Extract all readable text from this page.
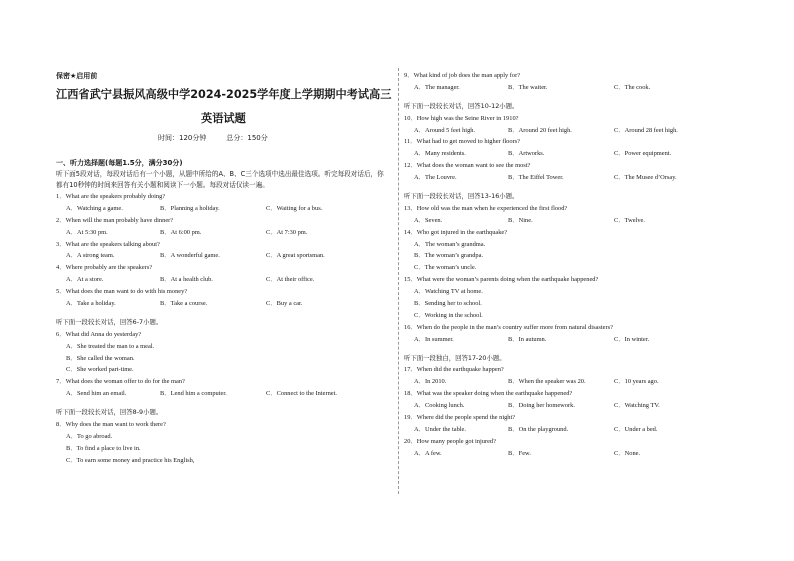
保密★启用前
江西省武宁县振风高级中学2024-2025学年度上学期期中考试高三
英语试题
时间：120分钟	总分：150分
一、听力选择题(每题1.5分，满分30分)
听下面5段对话，每段对话后有一个小题，从题中所给的A、B、C三个选项中选出最佳选项。听完每段对话后，你都有10秒钟的时间来回答有关小题和阅读下一小题。每段对话仅读一遍。
1．What are the speakers probably doing?
A．Watching a game.	B．Planning a holiday.	C．Waiting for a bus.
2．When will the man probably have dinner?
A．At 5:30 pm.	B．At 6:00 pm.	C．At 7:30 pm.
3．What are the speakers talking about?
A．A strong team.	B．A wonderful game.	C．A great sportsman.
4．Where probably are the speakers?
A．At a store.	B．At a health club.	C．At their office.
5．What does the man want to do with his money?
A．Take a holiday.	B．Take a course.	C．Buy a car.
听下面一段较长对话，回答6-7小题。
6．What did Anna do yesterday?
A．She treated the man to a meal.
B．She called the woman.
C．She worked part-time.
7．What does the woman offer to do for the man?
A．Send him an email.	B．Lend him a computer.	C．Connect to the Internet.
听下面一段较长对话，回答8-9小题。
8．Why does the man want to work there?
A．To go abroad.
B．To find a place to live in.
C．To earn some money and practice his English,
9．What kind of job does the man apply for?
A．The manager.	B．The waiter.	C．The cook.
听下面一段较长对话，回答10-12小题。
10．How high was the Seine River in 1910?
A．Around 5 feet high.	B．Around 20 feet high.	C．Around 28 feet high.
11．What had to get moved to higher floors?
A．Many residents.	B．Artworks.	C．Power equipment.
12．What does the woman want to see the most?
A．The Louvre.	B．The Eiffel Tower.	C．The Musee d’Orsay.
听下面一段较长对话，回答13-16小题。
13．How old was the man when he experienced the first flood?
A．Seven.	B．Nine.	C．Twelve.
14．Who got injured in the earthquake?
A．The woman’s grandma.
B．The woman’s grandpa.
C．The woman’s uncle.
15．What were the woman’s parents doing when the earthquake happened?
A．Watching TV at home.
B．Sending her to school.
C．Working in the school.
16．When do the people in the man’s country suffer more from natural disasters?
A．In summer.	B．In autumn.	C．In winter.
听下面一段独白，回答17-20小题。
17．When did the earthquake happen?
A．In 2010.	B．When the speaker was 20.	C．10 years ago.
18．What was the speaker doing when the earthquake happened?
A．Cooking lunch.	B．Doing her homework.	C．Watching TV.
19．Where did the people spend the night?
A．Under the table.	B．On the playground.	C．Under a bed.
20．How many people got injured?
A．A few.	B．Few.	C．None.
